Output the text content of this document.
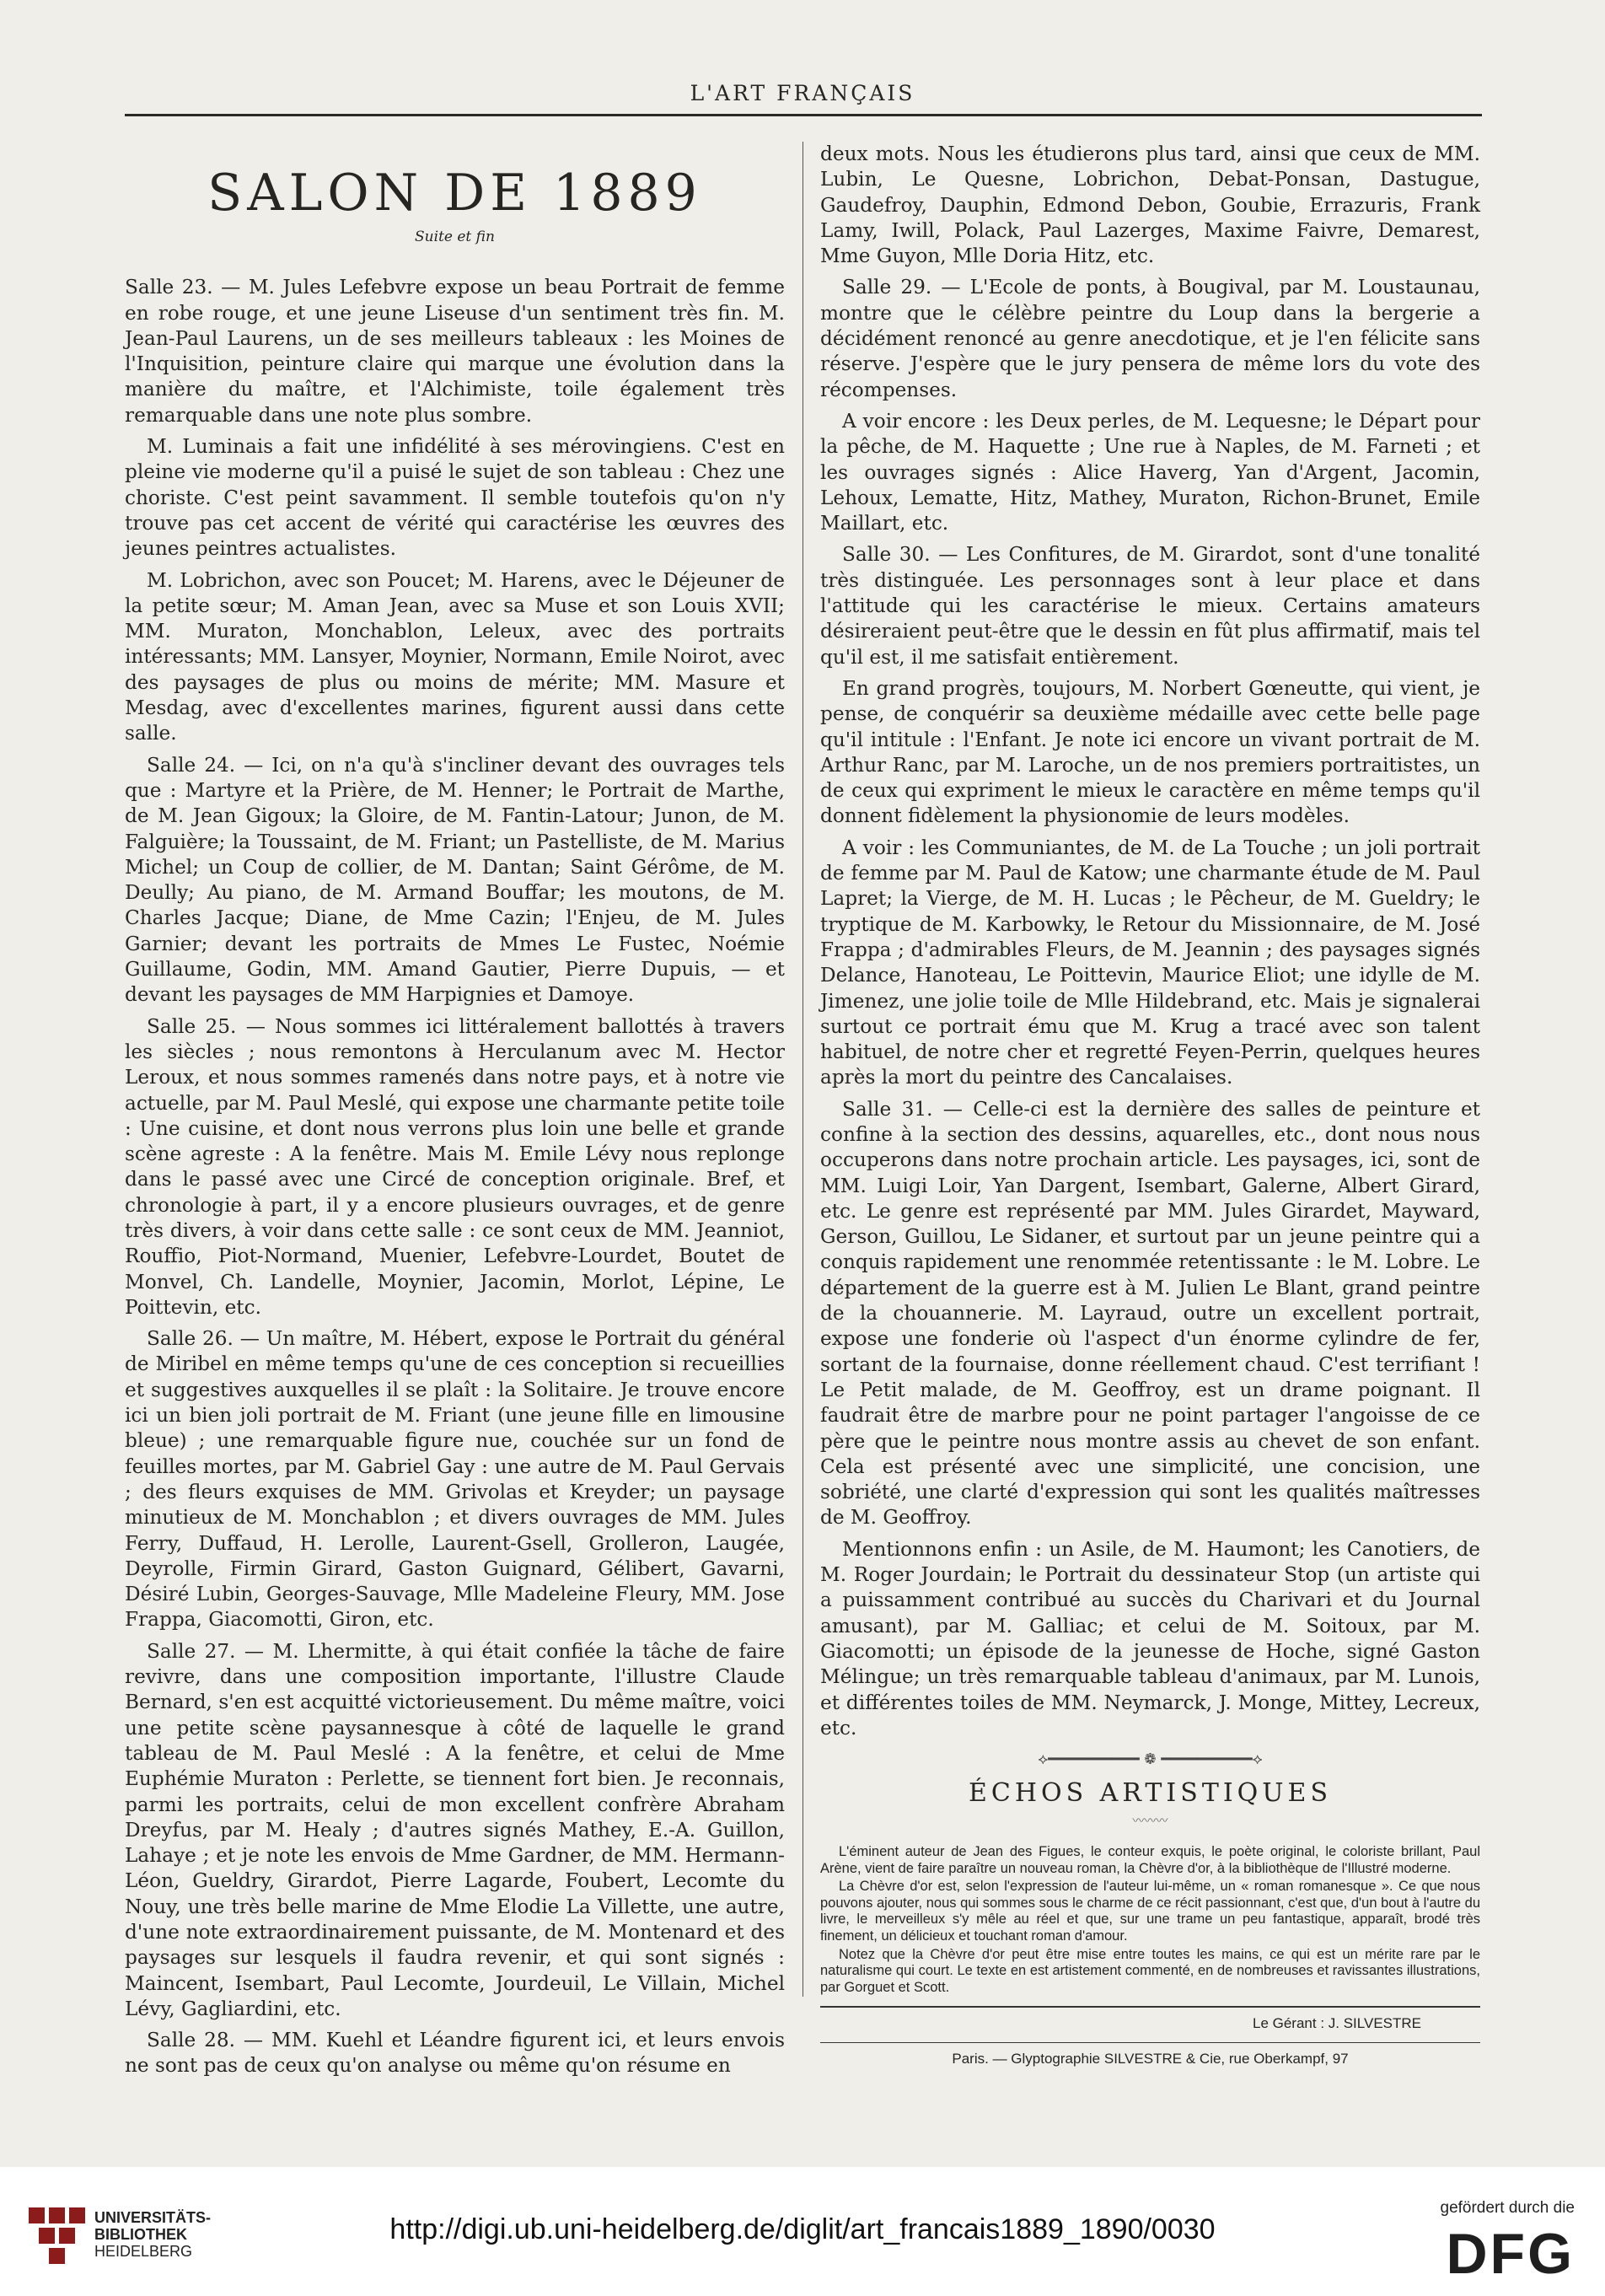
L'ART FRANÇAIS
SALON DE 1889
Suite et fin

Salle 23. — M. Jules Lefebvre expose un beau Portrait de femme en robe rouge, et une jeune Liseuse d'un sentiment très fin. M. Jean-Paul Laurens, un de ses meilleurs tableaux : les Moines de l'Inquisition, peinture claire qui marque une évolution dans la manière du maître, et l'Alchimiste, toile également très remarquable dans une note plus sombre.

M. Luminais a fait une infidélité à ses mérovingiens. C'est en pleine vie moderne qu'il a puisé le sujet de son tableau : Chez une choriste. C'est peint savamment. Il semble toutefois qu'on n'y trouve pas cet accent de vérité qui caractérise les œuvres des jeunes peintres actualistes.

M. Lobrichon, avec son Poucet; M. Harens, avec le Déjeuner de la petite sœur; M. Aman Jean, avec sa Muse et son Louis XVII; MM. Muraton, Monchablon, Leleux, avec des portraits intéressants; MM. Lansyer, Moynier, Normann, Emile Noirot, avec des paysages de plus ou moins de mérite; MM. Masure et Mesdag, avec d'excellentes marines, figurent aussi dans cette salle.

Salle 24. — Ici, on n'a qu'à s'incliner devant des ouvrages tels que : Martyre et la Prière, de M. Henner; le Portrait de Marthe, de M. Jean Gigoux; la Gloire, de M. Fantin-Latour; Junon, de M. Falguière; la Toussaint, de M. Friant; un Pastelliste, de M. Marius Michel; un Coup de collier, de M. Dantan; Saint Gérôme, de M. Deully; Au piano, de M. Armand Bouffar; les moutons, de M. Charles Jacque; Diane, de Mme Cazin; l'Enjeu, de M. Jules Garnier; devant les portraits de Mmes Le Fustec, Noémie Guillaume, Godin, MM. Amand Gautier, Pierre Dupuis, — et devant les paysages de MM Harpignies et Damoye.

Salle 25. — Nous sommes ici littéralement ballottés à travers les siècles ; nous remontons à Herculanum avec M. Hector Leroux, et nous sommes ramenés dans notre pays, et à notre vie actuelle, par M. Paul Meslé, qui expose une charmante petite toile : Une cuisine, et dont nous verrons plus loin une belle et grande scène agreste : A la fenêtre. Mais M. Emile Lévy nous replonge dans le passé avec une Circé de conception originale. Bref, et chronologie à part, il y a encore plusieurs ouvrages, et de genre très divers, à voir dans cette salle : ce sont ceux de MM. Jeanniot, Rouffio, Piot-Normand, Muenier, Lefebvre-Lourdet, Boutet de Monvel, Ch. Landelle, Moynier, Jacomin, Morlot, Lépine, Le Poittevin, etc.

Salle 26. — Un maître, M. Hébert, expose le Portrait du général de Miribel en même temps qu'une de ces conception si recueillies et suggestives auxquelles il se plaît : la Solitaire. Je trouve encore ici un bien joli portrait de M. Friant (une jeune fille en limousine bleue) ; une remarquable figure nue, couchée sur un fond de feuilles mortes, par M. Gabriel Gay : une autre de M. Paul Gervais ; des fleurs exquises de MM. Grivolas et Kreyder; un paysage minutieux de M. Monchablon ; et divers ouvrages de MM. Jules Ferry, Duffaud, H. Lerolle, Laurent-Gsell, Grolleron, Laugée, Deyrolle, Firmin Girard, Gaston Guignard, Gélibert, Gavarni, Désiré Lubin, Georges-Sauvage, Mlle Madeleine Fleury, MM. Jose Frappa, Giacomotti, Giron, etc.

Salle 27. — M. Lhermitte, à qui était confiée la tâche de faire revivre, dans une composition importante, l'illustre Claude Bernard, s'en est acquitté victorieusement. Du même maître, voici une petite scène paysannesque à côté de laquelle le grand tableau de M. Paul Meslé : A la fenêtre, et celui de Mme Euphémie Muraton : Perlette, se tiennent fort bien. Je reconnais, parmi les portraits, celui de mon excellent confrère Abraham Dreyfus, par M. Healy ; d'autres signés Mathey, E.-A. Guillon, Lahaye ; et je note les envois de Mme Gardner, de MM. Hermann-Léon, Gueldry, Girardot, Pierre Lagarde, Foubert, Lecomte du Nouy, une très belle marine de Mme Elodie La Villette, une autre, d'une note extraordinairement puissante, de M. Montenard et des paysages sur lesquels il faudra revenir, et qui sont signés : Maincent, Isembart, Paul Lecomte, Jourdeuil, Le Villain, Michel Lévy, Gagliardini, etc.

Salle 28. — MM. Kuehl et Léandre figurent ici, et leurs envois ne sont pas de ceux qu'on analyse ou même qu'on résume en

deux mots. Nous les étudierons plus tard, ainsi que ceux de MM. Lubin, Le Quesne, Lobrichon, Debat-Ponsan, Dastugue, Gaudefroy, Dauphin, Edmond Debon, Goubie, Errazuris, Frank Lamy, Iwill, Polack, Paul Lazerges, Maxime Faivre, Demarest, Mme Guyon, Mlle Doria Hitz, etc.

Salle 29. — L'Ecole de ponts, à Bougival, par M. Loustaunau, montre que le célèbre peintre du Loup dans la bergerie a décidément renoncé au genre anecdotique, et je l'en félicite sans réserve. J'espère que le jury pensera de même lors du vote des récompenses.

A voir encore : les Deux perles, de M. Lequesne; le Départ pour la pêche, de M. Haquette ; Une rue à Naples, de M. Farneti ; et les ouvrages signés : Alice Haverg, Yan d'Argent, Jacomin, Lehoux, Lematte, Hitz, Mathey, Muraton, Richon-Brunet, Emile Maillart, etc.

Salle 30. — Les Confitures, de M. Girardot, sont d'une tonalité très distinguée. Les personnages sont à leur place et dans l'attitude qui les caractérise le mieux. Certains amateurs désireraient peut-être que le dessin en fût plus affirmatif, mais tel qu'il est, il me satisfait entièrement.

En grand progrès, toujours, M. Norbert Gœneutte, qui vient, je pense, de conquérir sa deuxième médaille avec cette belle page qu'il intitule : l'Enfant. Je note ici encore un vivant portrait de M. Arthur Ranc, par M. Laroche, un de nos premiers portraitistes, un de ceux qui expriment le mieux le caractère en même temps qu'il donnent fidèlement la physionomie de leurs modèles.

A voir : les Communiantes, de M. de La Touche ; un joli portrait de femme par M. Paul de Katow; une charmante étude de M. Paul Lapret; la Vierge, de M. H. Lucas ; le Pêcheur, de M. Gueldry; le tryptique de M. Karbowky, le Retour du Missionnaire, de M. José Frappa ; d'admirables Fleurs, de M. Jeannin ; des paysages signés Delance, Hanoteau, Le Poittevin, Maurice Eliot; une idylle de M. Jimenez, une jolie toile de Mlle Hildebrand, etc. Mais je signalerai surtout ce portrait ému que M. Krug a tracé avec son talent habituel, de notre cher et regretté Feyen-Perrin, quelques heures après la mort du peintre des Cancalaises.

Salle 31. — Celle-ci est la dernière des salles de peinture et confine à la section des dessins, aquarelles, etc., dont nous nous occuperons dans notre prochain article. Les paysages, ici, sont de MM. Luigi Loir, Yan Dargent, Isembart, Galerne, Albert Girard, etc. Le genre est représenté par MM. Jules Girardet, Mayward, Gerson, Guillou, Le Sidaner, et surtout par un jeune peintre qui a conquis rapidement une renommée retentissante : le M. Lobre. Le département de la guerre est à M. Julien Le Blant, grand peintre de la chouannerie. M. Layraud, outre un excellent portrait, expose une fonderie où l'aspect d'un énorme cylindre de fer, sortant de la fournaise, donne réellement chaud. C'est terrifiant ! Le Petit malade, de M. Geoffroy, est un drame poignant. Il faudrait être de marbre pour ne point partager l'angoisse de ce père que le peintre nous montre assis au chevet de son enfant. Cela est présenté avec une simplicité, une concision, une sobriété, une clarté d'expression qui sont les qualités maîtresses de M. Geoffroy.

Mentionnons enfin : un Asile, de M. Haumont; les Canotiers, de M. Roger Jourdain; le Portrait du dessinateur Stop (un artiste qui a puissamment contribué au succès du Charivari et du Journal amusant), par M. Galliac; et celui de M. Soitoux, par M. Giacomotti; un épisode de la jeunesse de Hoche, signé Gaston Mélingue; un très remarquable tableau d'animaux, par M. Lunois, et différentes toiles de MM. Neymarck, J. Monge, Mittey, Lecreux, etc.

⟡━━━━━━━━━━ ❁ ━━━━━━━━━━⟡
ÉCHOS ARTISTIQUES
〰〰〰

L'éminent auteur de Jean des Figues, le conteur exquis, le poète original, le coloriste brillant, Paul Arène, vient de faire paraître un nouveau roman, la Chèvre d'or, à la bibliothèque de l'Illustré moderne.

La Chèvre d'or est, selon l'expression de l'auteur lui-même, un « roman romanesque ». Ce que nous pouvons ajouter, nous qui sommes sous le charme de ce récit passionnant, c'est que, d'un bout à l'autre du livre, le merveilleux s'y mêle au réel et que, sur une trame un peu fantastique, apparaît, brodé très finement, un délicieux et touchant roman d'amour.

Notez que la Chèvre d'or peut être mise entre toutes les mains, ce qui est un mérite rare par le naturalisme qui court. Le texte en est artistement commenté, en de nombreuses et ravissantes illustrations, par Gorguet et Scott.

Le Gérant : J. SILVESTRE
Paris. — Glyptographie SILVESTRE & Cie, rue Oberkampf, 97
UNIVERSITÄTS-
BIBLIOTHEK
HEIDELBERG
http://digi.ub.uni-heidelberg.de/diglit/art_francais1889_1890/0030
gefördert durch die
DFG
